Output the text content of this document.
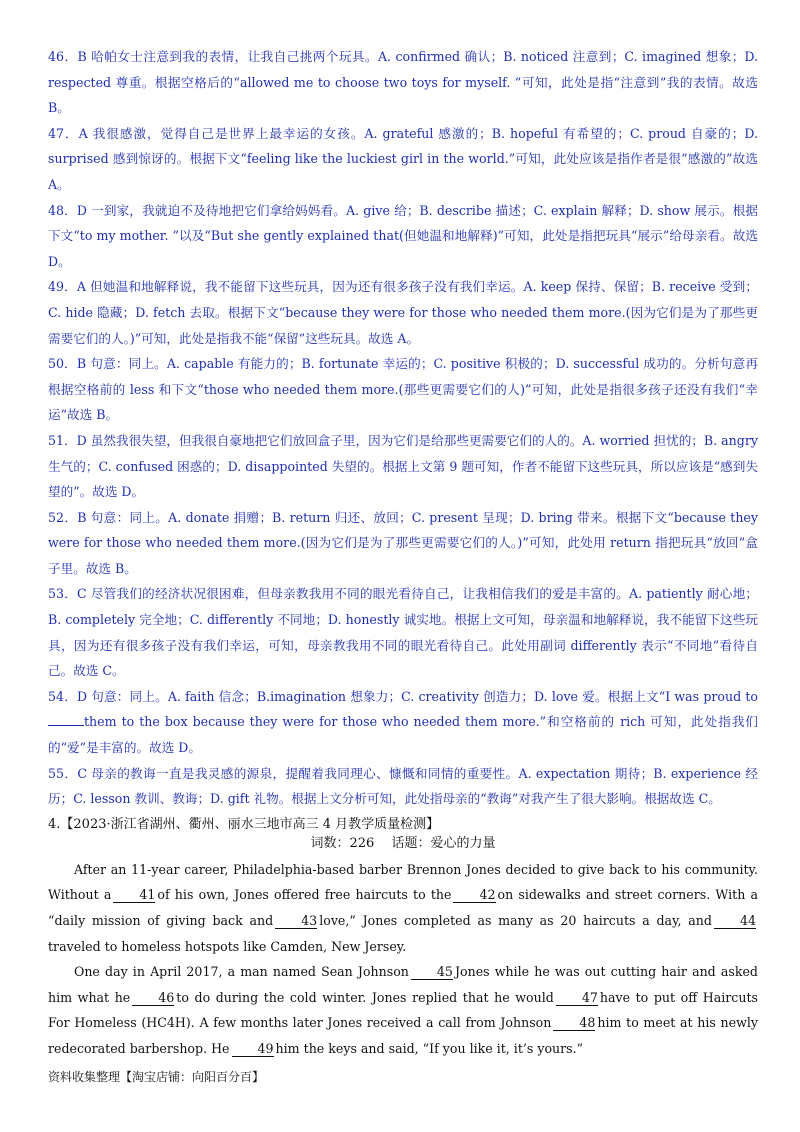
46．B 哈帕女士注意到我的表情，让我自己挑两个玩具。A. confirmed 确认；B. noticed 注意到；C. imagined 想象；D. respected 尊重。根据空格后的“allowed me to choose two toys for myself. ”可知，此处是指“注意到”我的表情。故选 B。

47．A 我很感激，觉得自己是世界上最幸运的女孩。A. grateful 感激的；B. hopeful 有希望的；C. proud 自豪的；D. surprised 感到惊讶的。根据下文“feeling like the luckiest girl in the world.”可知，此处应该是指作者是很“感激的”故选 A。

48．D 一到家，我就迫不及待地把它们拿给妈妈看。A. give 给；B. describe 描述；C. explain 解释；D. show 展示。根据下文“to my mother. ”以及“But she gently explained that(但她温和地解释)”可知，此处是指把玩具“展示”给母亲看。故选 D。

49．A 但她温和地解释说，我不能留下这些玩具，因为还有很多孩子没有我们幸运。A. keep 保持、保留；B. receive 受到；C. hide 隐藏；D. fetch 去取。根据下文“because they were for those who needed them more.(因为它们是为了那些更需要它们的人。)”可知，此处是指我不能“保留”这些玩具。故选 A。

50．B 句意：同上。A. capable 有能力的；B. fortunate 幸运的；C. positive 积极的；D. successful 成功的。分析句意再根据空格前的 less 和下文“those who needed them more.(那些更需要它们的人)”可知，此处是指很多孩子还没有我们“幸运”故选 B。

51．D 虽然我很失望，但我很自豪地把它们放回盒子里，因为它们是给那些更需要它们的人的。A. worried 担忧的；B. angry 生气的；C. confused 困惑的；D. disappointed 失望的。根据上文第 9 题可知，作者不能留下这些玩具，所以应该是“感到失望的”。故选 D。

52．B 句意：同上。A. donate 捐赠；B. return 归还、放回；C. present 呈现；D. bring 带来。根据下文“because they were for those who needed them more.(因为它们是为了那些更需要它们的人。)”可知，此处用 return 指把玩具“放回”盒子里。故选 B。

53．C 尽管我们的经济状况很困难，但母亲教我用不同的眼光看待自己，让我相信我们的爱是丰富的。A. patiently 耐心地；B. completely 完全地；C. differently 不同地；D. honestly 诚实地。根据上文可知，母亲温和地解释说，我不能留下这些玩具，因为还有很多孩子没有我们幸运，可知，母亲教我用不同的眼光看待自己。此处用副词 differently 表示“不同地”看待自己。故选 C。

54．D 句意：同上。A. faith 信念；B.imagination 想象力；C. creativity 创造力；D. love 爱。根据上文“I was proud tothem to the box because they were for those who needed them more.”和空格前的 rich 可知，此处指我们的“爱”是丰富的。故选 D。

55．C 母亲的教诲一直是我灵感的源泉，提醒着我同理心、慷慨和同情的重要性。A. expectation 期待；B. experience 经历；C. lesson 教训、教诲；D. gift 礼物。根据上文分析可知，此处指母亲的“教诲”对我产生了很大影响。根据故选 C。

4.【2023·浙江省湖州、衢州、丽水三地市高三 4 月教学质量检测】

词数：226　 话题：爱心的力量

After an 11-year career, Philadelphia-based barber Brennon Jones decided to give back to his community. Without a 41 of his own, Jones offered free haircuts to the 42 on sidewalks and street corners. With a “daily mission of giving back and 43 love,” Jones completed as many as 20 haircuts a day, and 44traveled to homeless hotspots like Camden, New Jersey.

One day in April 2017, a man named Sean Johnson 45 Jones while he was out cutting hair and asked him what he 46 to do during the cold winter. Jones replied that he would 47 have to put off Haircuts For Homeless (HC4H). A few months later Jones received a call from Johnson 48 him to meet at his newly redecorated barbershop. He 49 him the keys and said, “If you like it, it’s yours.”

资料收集整理【淘宝店铺：向阳百分百】
